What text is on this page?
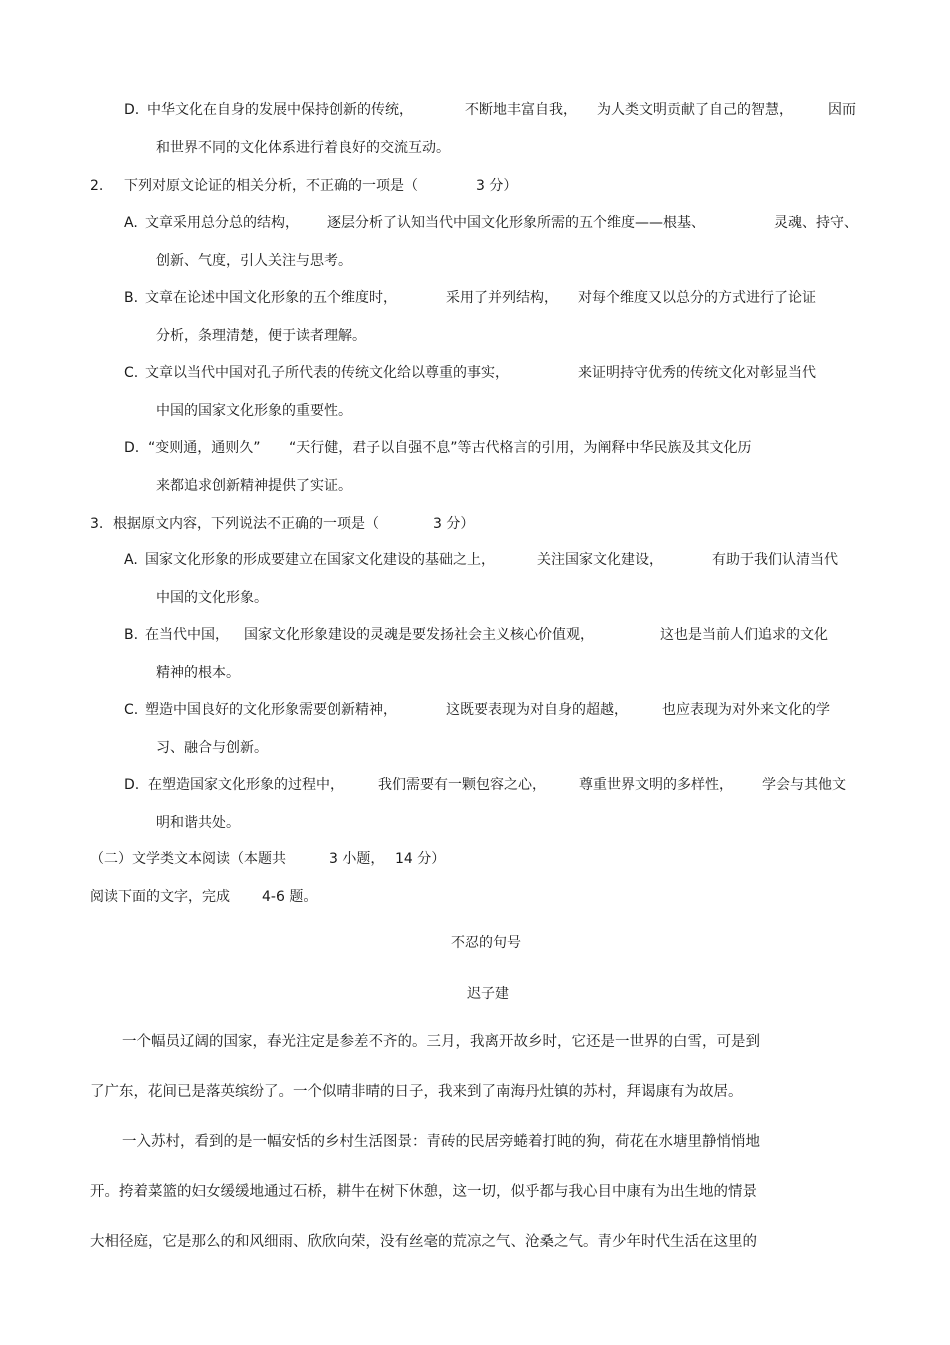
D. 中华文化在自身的发展中保持创新的传统，	不断地丰富自我， 为人类文明贡献了自己的智慧，	因而
和世界不同的文化体系进行着良好的交流互动。
2. 下列对原文论证的相关分析，不正确的一项是（	3 分）
A. 文章采用总分总的结构， 逐层分析了认知当代中国文化形象所需的五个维度——根基、	灵魂、持守、
创新、气度，引人关注与思考。
B. 文章在论述中国文化形象的五个维度时，	采用了并列结构， 对每个维度又以总分的方式进行了论证
分析，条理清楚，便于读者理解。
C. 文章以当代中国对孔子所代表的传统文化给以尊重的事实，	来证明持守优秀的传统文化对彰显当代
中国的国家文化形象的重要性。
D. “变则通，通则久” “天行健，君子以自强不息”等古代格言的引用，为阐释中华民族及其文化历
来都追求创新精神提供了实证。
3. 根据原文内容，下列说法不正确的一项是（	3 分）
A. 国家文化形象的形成要建立在国家文化建设的基础之上，	关注国家文化建设，	有助于我们认清当代
中国的文化形象。
B. 在当代中国， 国家文化形象建设的灵魂是要发扬社会主义核心价值观，	这也是当前人们追求的文化
精神的根本。
C. 塑造中国良好的文化形象需要创新精神，	这既要表现为对自身的超越， 也应表现为对外来文化的学
习、融合与创新。
D. 在塑造国家文化形象的过程中， 我们需要有一颗包容之心， 尊重世界文明的多样性， 学会与其他文
明和谐共处。
（二）文学类文本阅读（本题共	3 小题， 14 分）
阅读下面的文字，完成 4-6 题。
不忍的句号
迟子建
一个幅员辽阔的国家，春光注定是参差不齐的。三月，我离开故乡时，它还是一世界的白雪，可是到
了广东，花间已是落英缤纷了。一个似晴非晴的日子，我来到了南海丹灶镇的苏村，拜谒康有为故居。
一入苏村，看到的是一幅安恬的乡村生活图景：青砖的民居旁蜷着打盹的狗，荷花在水塘里静悄悄地
开。挎着菜篮的妇女缓缓地通过石桥，耕牛在树下休憩，这一切，似乎都与我心目中康有为出生地的情景
大相径庭，它是那么的和风细雨、欣欣向荣，没有丝毫的荒凉之气、沧桑之气。青少年时代生活在这里的
